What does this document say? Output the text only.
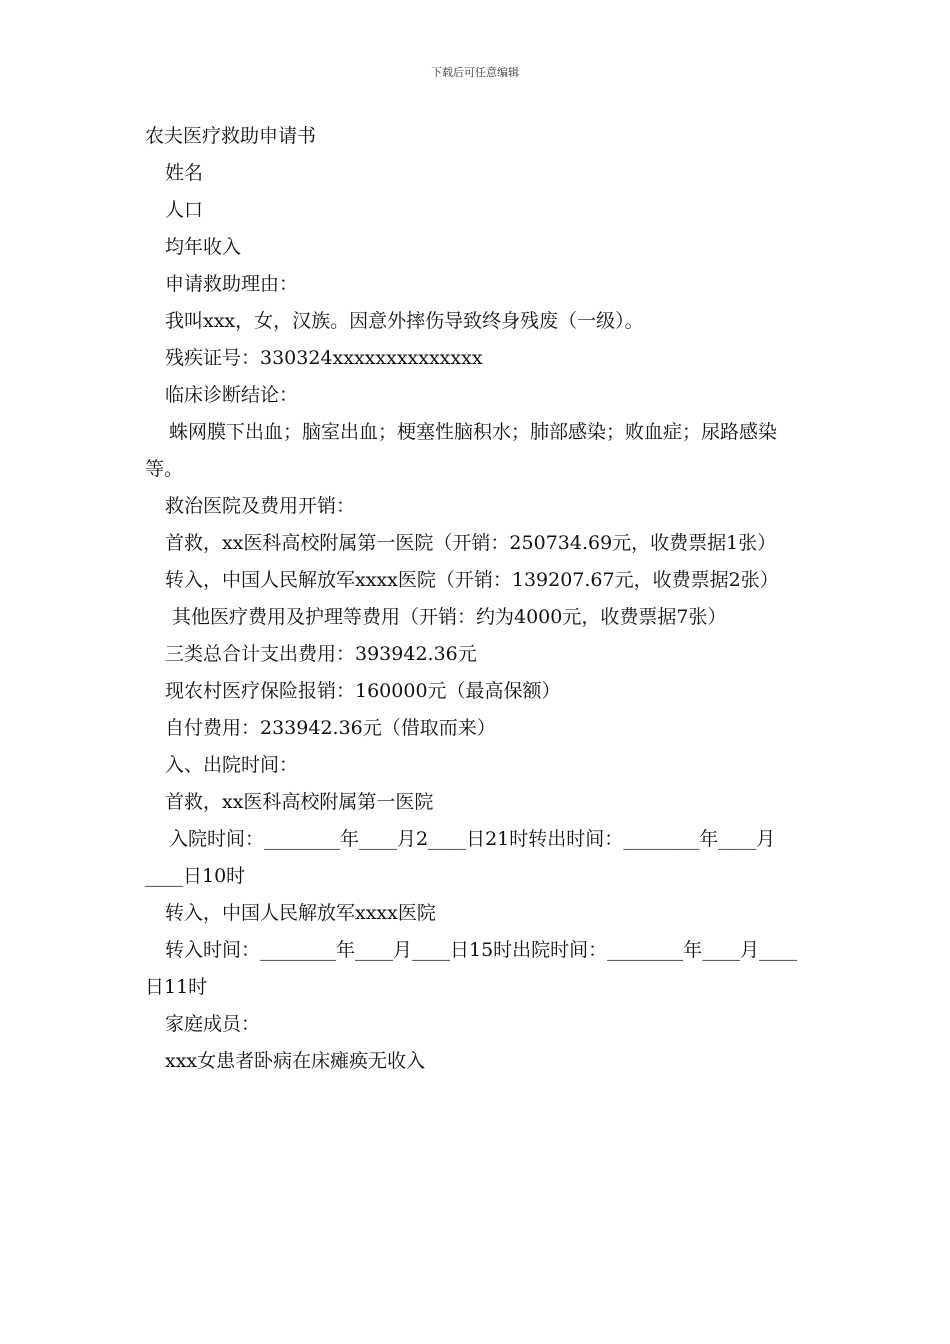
下载后可任意编辑

农夫医疗救助申请书

姓名

人口

均年收入

申请救助理由：

我叫xxx，女，汉族。因意外摔伤导致终身残废（一级）。

残疾证号：330324xxxxxxxxxxxxxx

临床诊断结论：

蛛网膜下出血；脑室出血；梗塞性脑积水；肺部感染；败血症；尿路感染等。

救治医院及费用开销：

首救，xx医科高校附属第一医院（开销：250734.69元，收费票据1张）

转入，中国人民解放军xxxx医院（开销：139207.67元，收费票据2张）

其他医疗费用及护理等费用（开销：约为4000元，收费票据7张）

三类总合计支出费用：393942.36元

现农村医疗保险报销：160000元（最高保额）

自付费用：233942.36元（借取而来）

入、出院时间：

首救，xx医科高校附属第一医院

入院时间：________年____月2____日21时转出时间：________年____月____日10时

转入，中国人民解放军xxxx医院

转入时间：________年____月____日15时出院时间：________年____月____日11时

家庭成员：

xxx女患者卧病在床瘫痪无收入
